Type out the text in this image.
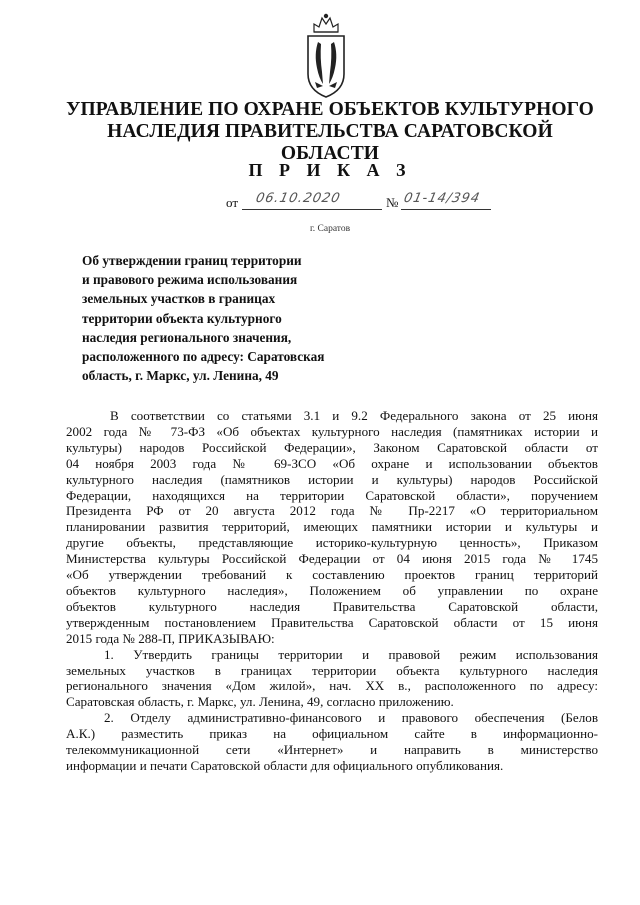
УПРАВЛЕНИЕ ПО ОХРАНЕ ОБЪЕКТОВ КУЛЬТУРНОГО
НАСЛЕДИЯ ПРАВИТЕЛЬСТВА САРАТОВСКОЙ ОБЛАСТИ
П Р И К А З
от 06.10.2020	№ 01-14/394
г. Саратов
Об утверждении границ территории
и правового режима использования
земельных участков в границах
территории объекта культурного
наследия регионального значения,
расположенного по адресу: Саратовская
область, г. Маркс, ул. Ленина, 49

В соответствии со статьями 3.1 и 9.2 Федерального закона от 25 июня
2002 года № 73-ФЗ «Об объектах культурного наследия (памятниках истории и
культуры) народов Российской Федерации», Законом Саратовской области от
04 ноября 2003 года № 69-ЗСО «Об охране и использовании объектов
культурного наследия (памятников истории и культуры) народов Российской
Федерации, находящихся на территории Саратовской области», поручением
Президента РФ от 20 августа 2012 года № Пр-2217 «О территориальном
планировании развития территорий, имеющих памятники истории и культуры и
другие объекты, представляющие историко-культурную ценность», Приказом
Министерства культуры Российской Федерации от 04 июня 2015 года № 1745
«Об утверждении требований к составлению проектов границ территорий
объектов культурного наследия», Положением об управлении по охране
объектов культурного наследия Правительства Саратовской области,
утвержденным постановлением Правительства Саратовской области от 15 июня
2015 года № 288-П, ПРИКАЗЫВАЮ:

1. Утвердить границы территории и правовой режим использования
земельных участков в границах территории объекта культурного наследия
регионального значения «Дом жилой», нач. XX в., расположенного по адресу:
Саратовская область, г. Маркс, ул. Ленина, 49, согласно приложению.

2. Отделу административно-финансового и правового обеспечения (Белов
А.К.) разместить приказ на официальном сайте в информационно-
телекоммуникационной сети «Интернет» и направить в министерство
информации и печати Саратовской области для официального опубликования.
